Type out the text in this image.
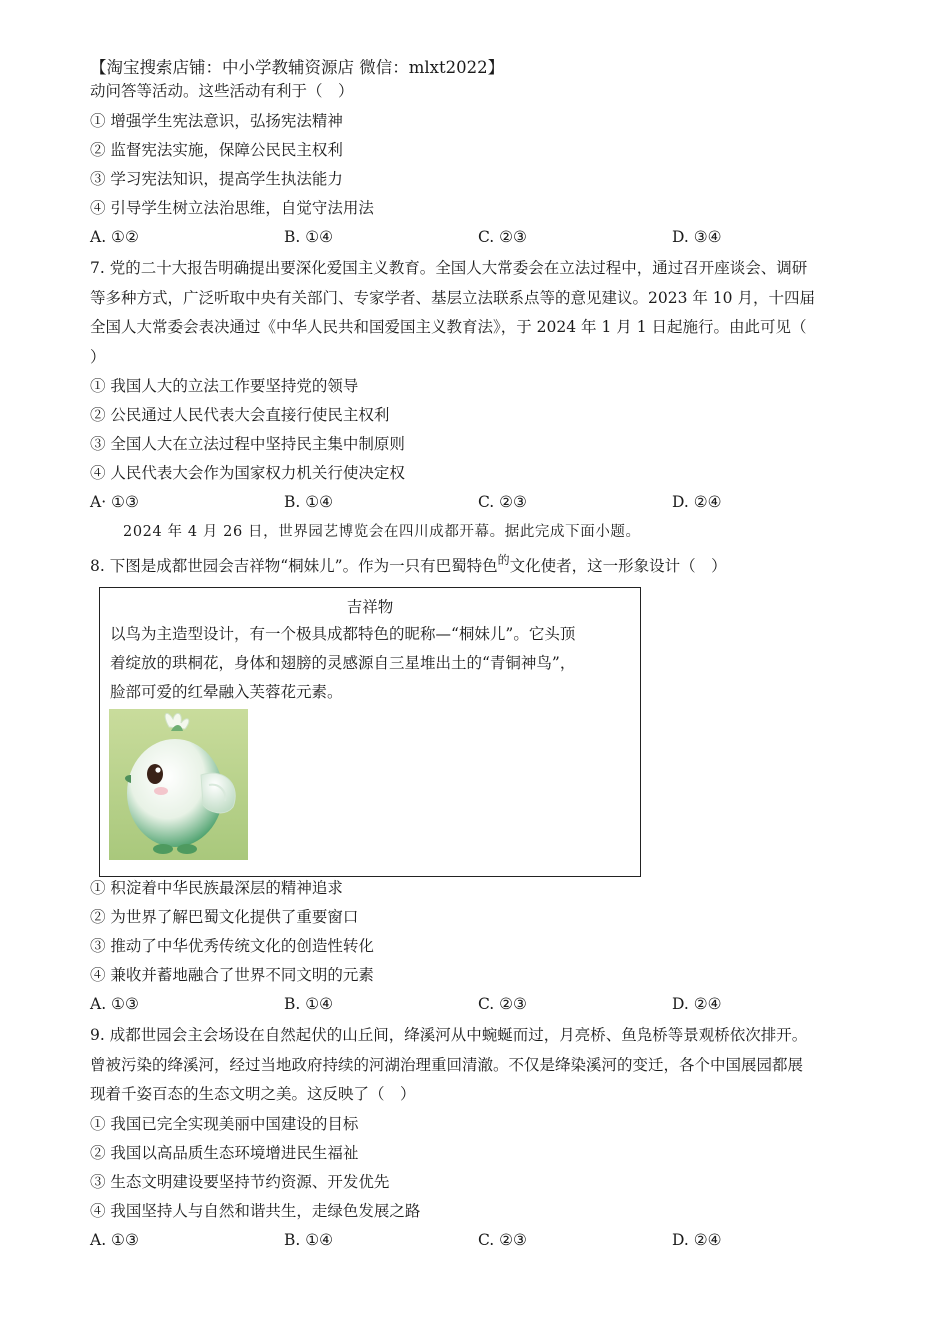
【淘宝搜索店铺：中小学教辅资源店 微信：mlxt2022】
动问答等活动。这些活动有利于（　）
① 增强学生宪法意识，弘扬宪法精神
② 监督宪法实施，保障公民民主权利
③ 学习宪法知识，提高学生执法能力
④ 引导学生树立法治思维，自觉守法用法
A. ①②	B. ①④	C. ②③	D. ③④
7. 党的二十大报告明确提出要深化爱国主义教育。全国人大常委会在立法过程中，通过召开座谈会、调研
等多种方式，广泛听取中央有关部门、专家学者、基层立法联系点等的意见建议。2023 年 10 月，十四届
全国人大常委会表决通过《中华人民共和国爱国主义教育法》，于 2024 年 1 月 1 日起施行。由此可见（
）
① 我国人大的立法工作要坚持党的领导
② 公民通过人民代表大会直接行使民主权利
③ 全国人大在立法过程中坚持民主集中制原则
④ 人民代表大会作为国家权力机关行使决定权
A· ①③	B. ①④	C. ②③	D. ②④
2024 年 4 月 26 日，世界园艺博览会在四川成都开幕。据此完成下面小题。
8. 下图是成都世园会吉祥物“桐妹儿”。作为一只有巴蜀特色$^的$文化使者，这一形象设计（　）
吉祥物
以鸟为主造型设计，有一个极具成都特色的昵称—“桐妹儿”。它头顶
着绽放的珙桐花，身体和翅膀的灵感源自三星堆出土的“青铜神鸟”，
脸部可爱的红晕融入芙蓉花元素。
① 积淀着中华民族最深层的精神追求
② 为世界了解巴蜀文化提供了重要窗口
③ 推动了中华优秀传统文化的创造性转化
④ 兼收并蓄地融合了世界不同文明的元素
A. ①③	B. ①④	C. ②③	D. ②④
9. 成都世园会主会场设在自然起伏的山丘间，绛溪河从中蜿蜒而过，月亮桥、鱼凫桥等景观桥依次排开。
曾被污染的绛溪河，经过当地政府持续的河湖治理重回清澈。不仅是绛染溪河的变迁，各个中国展园都展
现着千姿百态的生态文明之美。这反映了（　）
① 我国已完全实现美丽中国建设的目标
② 我国以高品质生态环境增进民生福祉
③ 生态文明建设要坚持节约资源、开发优先
④ 我国坚持人与自然和谐共生，走绿色发展之路
A. ①③	B. ①④	C. ②③	D. ②④
